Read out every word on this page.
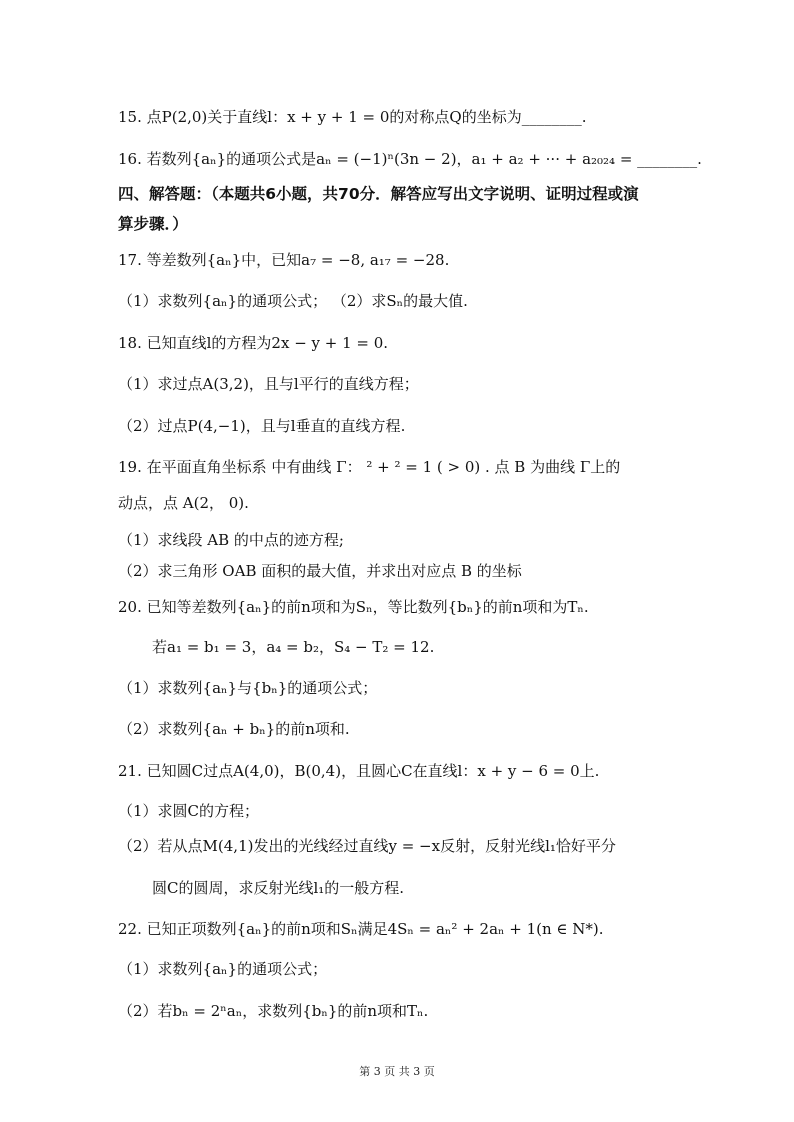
15. 点P(2,0)关于直线l：x + y + 1 = 0的对称点Q的坐标为________.
16. 若数列{aₙ}的通项公式是aₙ = (−1)ⁿ(3n − 2)，a₁ + a₂ + ··· + a₂₀₂₄ = ________.
四、解答题：（本题共6小题，共70分．解答应写出文字说明、证明过程或演
算步骤．）
17. 等差数列{aₙ}中，已知a₇ = −8, a₁₇ = −28.
（1）求数列{aₙ}的通项公式； （2）求Sₙ的最大值.
18. 已知直线l的方程为2x − y + 1 = 0.
（1）求过点A(3,2)，且与l平行的直线方程；
（2）过点P(4,−1)，且与l垂直的直线方程.
19. 在平面直角坐标系 中有曲线 Γ： ² + ² = 1 ( > 0) . 点 B 为曲线 Γ上的
动点，点 A(2， 0).
（1）求线段 AB 的中点的迹方程;
（2）求三角形 OAB 面积的最大值，并求出对应点 B 的坐标
20. 已知等差数列{aₙ}的前n项和为Sₙ，等比数列{bₙ}的前n项和为Tₙ.
若a₁ = b₁ = 3，a₄ = b₂，S₄ − T₂ = 12.
（1）求数列{aₙ}与{bₙ}的通项公式；
（2）求数列{aₙ + bₙ}的前n项和.
21. 已知圆C过点A(4,0)，B(0,4)，且圆心C在直线l：x + y − 6 = 0上.
（1）求圆C的方程；
（2）若从点M(4,1)发出的光线经过直线y = −x反射，反射光线l₁恰好平分
圆C的圆周，求反射光线l₁的一般方程.
22. 已知正项数列{aₙ}的前n项和Sₙ满足4Sₙ = aₙ² + 2aₙ + 1(n ∈ N*).
（1）求数列{aₙ}的通项公式；
（2）若bₙ = 2ⁿaₙ，求数列{bₙ}的前n项和Tₙ.
第 3 页 共 3 页
